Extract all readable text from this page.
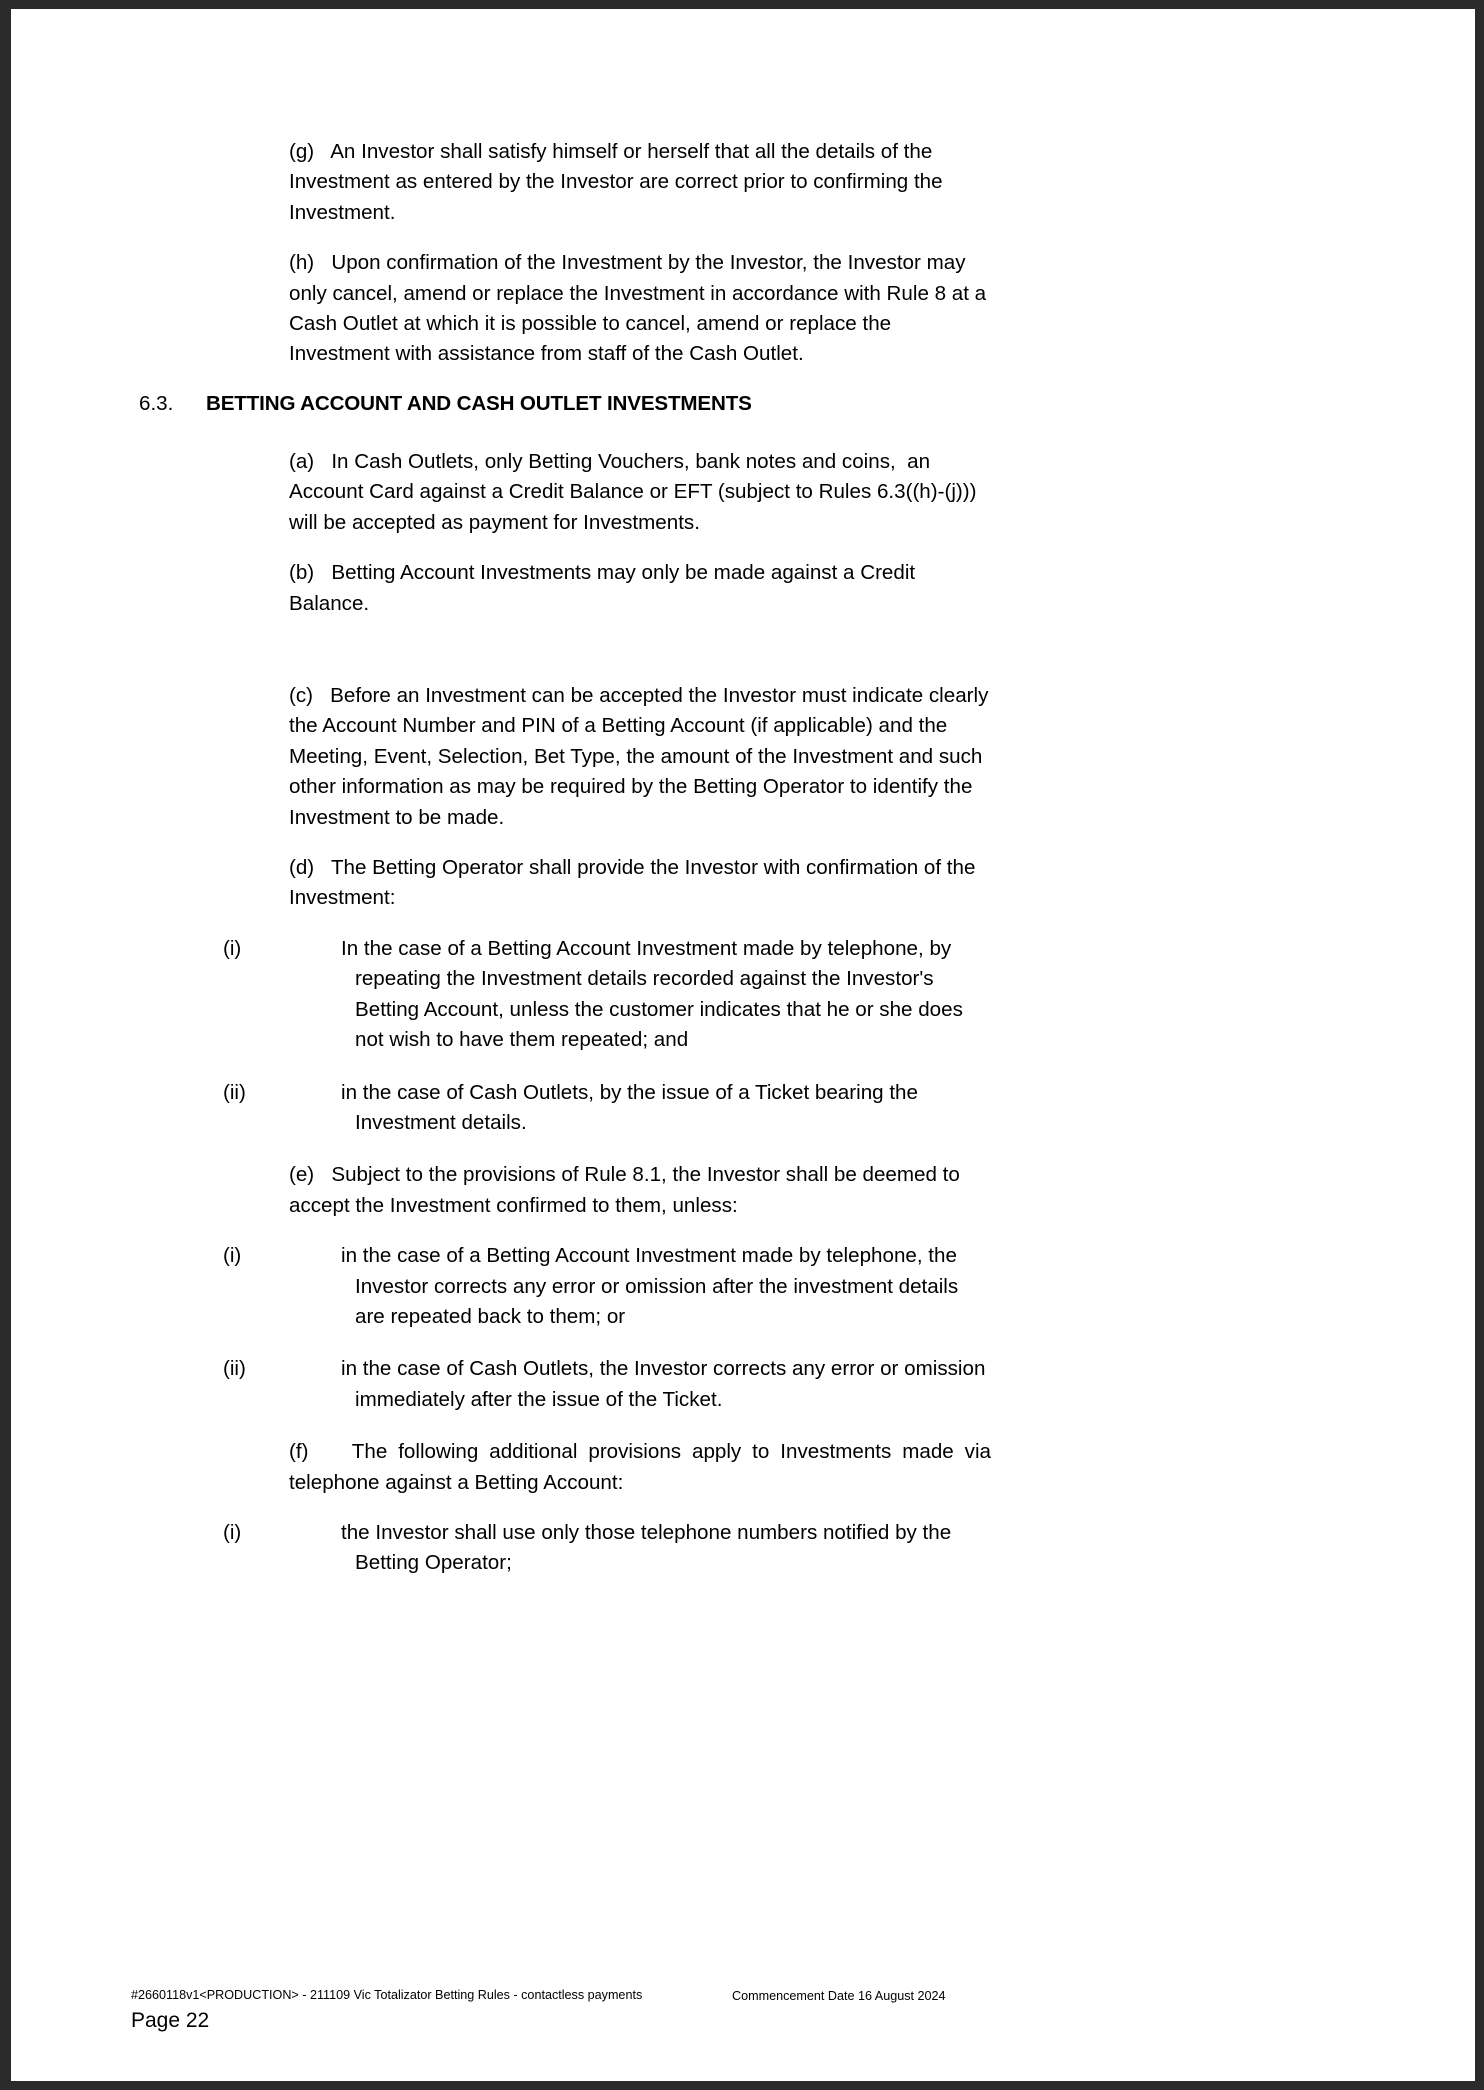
(g)   An Investor shall satisfy himself or herself that all the details of the Investment as entered by the Investor are correct prior to confirming the Investment.

(h)   Upon confirmation of the Investment by the Investor, the Investor may only cancel, amend or replace the Investment in accordance with Rule 8 at a Cash Outlet at which it is possible to cancel, amend or replace the Investment with assistance from staff of the Cash Outlet.

6.3. BETTING ACCOUNT AND CASH OUTLET INVESTMENTS

(a)   In Cash Outlets, only Betting Vouchers, bank notes and coins,  an Account Card against a Credit Balance or EFT (subject to Rules 6.3((h)-(j))) will be accepted as payment for Investments.

(b)   Betting Account Investments may only be made against a Credit Balance.

(c)   Before an Investment can be accepted the Investor must indicate clearly the Account Number and PIN of a Betting Account (if applicable) and the Meeting, Event, Selection, Bet Type, the amount of the Investment and such other information as may be required by the Betting Operator to identify the Investment to be made.

(d)   The Betting Operator shall provide the Investor with confirmation of the Investment:

(i)	In the case of a Betting Account Investment made by telephone, by repeating the Investment details recorded against the Investor's Betting Account, unless the customer indicates that he or she does not wish to have them repeated; and

(ii)	in the case of Cash Outlets, by the issue of a Ticket bearing the Investment details.

(e)   Subject to the provisions of Rule 8.1, the Investor shall be deemed to accept the Investment confirmed to them, unless:

(i)	in the case of a Betting Account Investment made by telephone, the Investor corrects any error or omission after the investment details are repeated back to them; or

(ii)	in the case of Cash Outlets, the Investor corrects any error or omission immediately after the issue of the Ticket.

(f)    The following additional provisions apply to Investments made via telephone against a Betting Account:

(i)	the Investor shall use only those telephone numbers notified by the Betting Operator;

#2660118v1<PRODUCTION> - 211109 Vic Totalizator Betting Rules - contactless payments	Commencement Date 16 August 2024
Page 22
